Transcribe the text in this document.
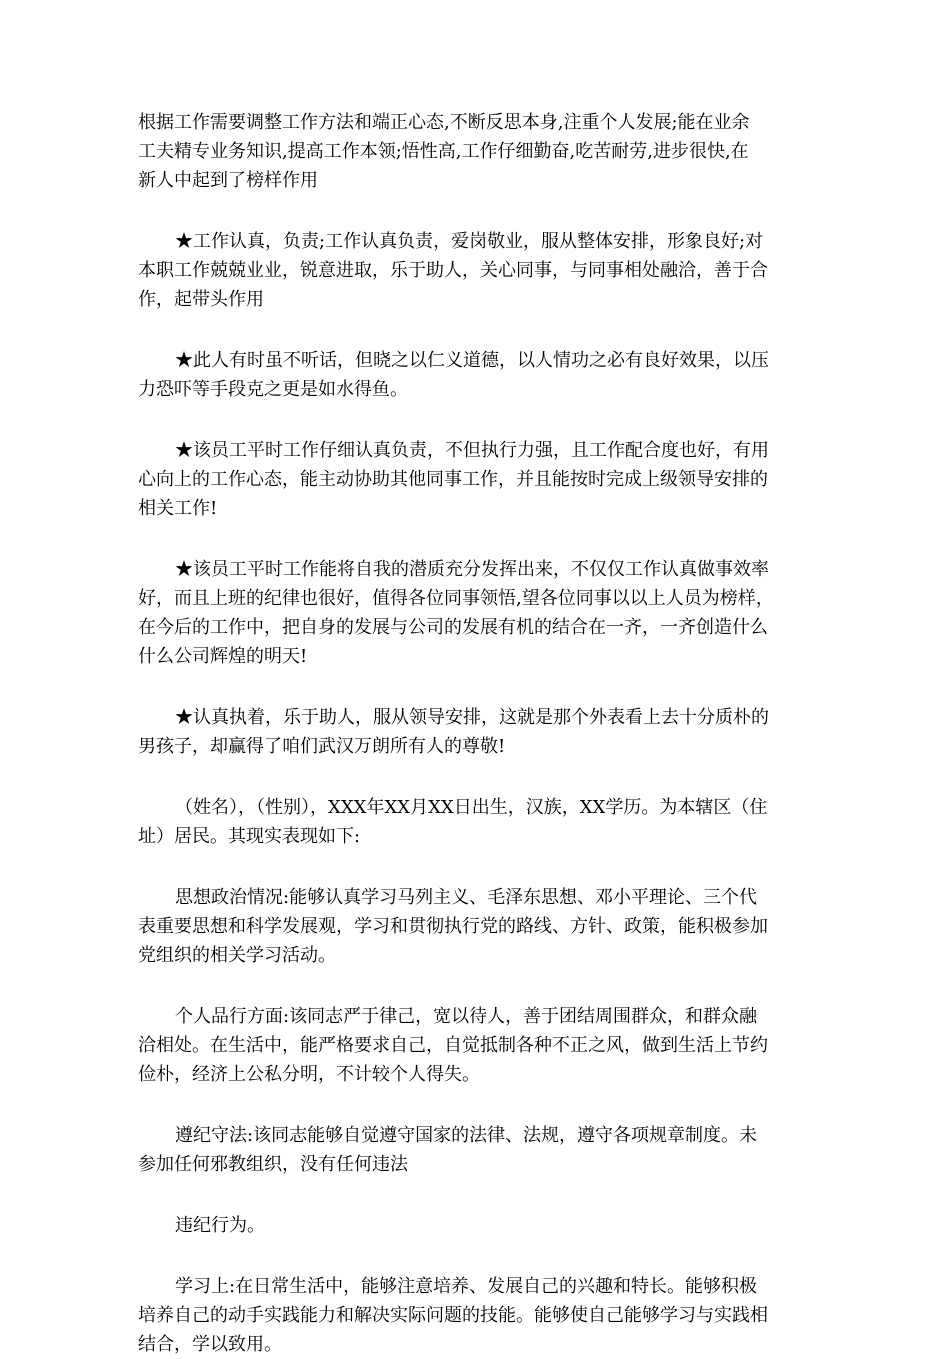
根据工作需要调整工作方法和端正心态,不断反思本身,注重个人发展;能在业余
工夫精专业务知识,提高工作本领;悟性高,工作仔细勤奋,吃苦耐劳,进步很快,在
新人中起到了榜样作用

★工作认真，负责;工作认真负责，爱岗敬业，服从整体安排，形象良好;对
本职工作兢兢业业，锐意进取，乐于助人，关心同事，与同事相处融洽，善于合
作，起带头作用

★此人有时虽不听话，但晓之以仁义道德，以人情功之必有良好效果，以压
力恐吓等手段克之更是如水得鱼。

★该员工平时工作仔细认真负责，不但执行力强，且工作配合度也好，有用
心向上的工作心态，能主动协助其他同事工作，并且能按时完成上级领导安排的
相关工作!

★该员工平时工作能将自我的潜质充分发挥出来，不仅仅工作认真做事效率
好，而且上班的纪律也很好，值得各位同事领悟,望各位同事以以上人员为榜样，
在今后的工作中，把自身的发展与公司的发展有机的结合在一齐，一齐创造什么
什么公司辉煌的明天!

★认真执着，乐于助人，服从领导安排，这就是那个外表看上去十分质朴的
男孩子，却赢得了咱们武汉万朗所有人的尊敬!

（姓名），（性别），XXX年XX月XX日出生，汉族，XX学历。为本辖区（住
址）居民。其现实表现如下:

思想政治情况:能够认真学习马列主义、毛泽东思想、邓小平理论、三个代
表重要思想和科学发展观，学习和贯彻执行党的路线、方针、政策，能积极参加
党组织的相关学习活动。

个人品行方面:该同志严于律己，宽以待人，善于团结周围群众，和群众融
洽相处。在生活中，能严格要求自己，自觉抵制各种不正之风，做到生活上节约
俭朴，经济上公私分明，不计较个人得失。

遵纪守法:该同志能够自觉遵守国家的法律、法规，遵守各项规章制度。未
参加任何邪教组织，没有任何违法

违纪行为。

学习上:在日常生活中，能够注意培养、发展自己的兴趣和特长。能够积极
培养自己的动手实践能力和解决实际问题的技能。能够使自己能够学习与实践相
结合，学以致用。
